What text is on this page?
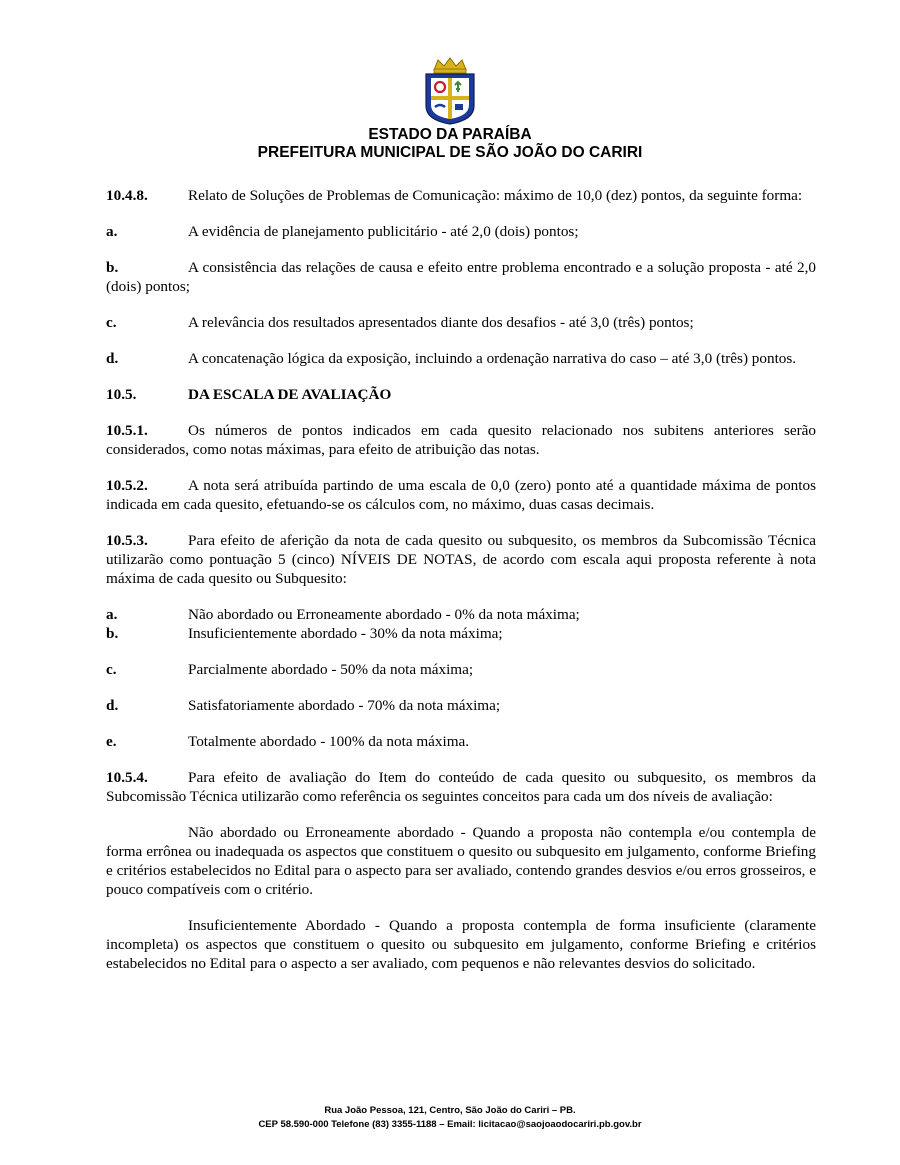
ESTADO DA PARAÍBA
PREFEITURA MUNICIPAL DE SÃO JOÃO DO CARIRI
10.4.8.	Relato de Soluções de Problemas de Comunicação: máximo de 10,0 (dez) pontos, da seguinte forma:
a.	A evidência de planejamento publicitário - até 2,0 (dois) pontos;
b.	A consistência das relações de causa e efeito entre problema encontrado e a solução proposta - até 2,0 (dois) pontos;
c.	A relevância dos resultados apresentados diante dos desafios - até 3,0 (três) pontos;
d.	A concatenação lógica da exposição, incluindo a ordenação narrativa do caso – até 3,0 (três) pontos.
10.5.	DA ESCALA DE AVALIAÇÃO
10.5.1.	Os números de pontos indicados em cada quesito relacionado nos subitens anteriores serão considerados, como notas máximas, para efeito de atribuição das notas.
10.5.2.	A nota será atribuída partindo de uma escala de 0,0 (zero) ponto até a quantidade máxima de pontos indicada em cada quesito, efetuando-se os cálculos com, no máximo, duas casas decimais.
10.5.3.	Para efeito de aferição da nota de cada quesito ou subquesito, os membros da Subcomissão Técnica utilizarão como pontuação 5 (cinco) NÍVEIS DE NOTAS, de acordo com escala aqui proposta referente à nota máxima de cada quesito ou Subquesito:
a.	Não abordado ou Erroneamente abordado - 0% da nota máxima;
b.	Insuficientemente abordado - 30% da nota máxima;
c.	Parcialmente abordado - 50% da nota máxima;
d.	Satisfatoriamente abordado - 70% da nota máxima;
e.	Totalmente abordado - 100% da nota máxima.
10.5.4.	Para efeito de avaliação do Item do conteúdo de cada quesito ou subquesito, os membros da Subcomissão Técnica utilizarão como referência os seguintes conceitos para cada um dos níveis de avaliação:
Não abordado ou Erroneamente abordado - Quando a proposta não contempla e/ou contempla de forma errônea ou inadequada os aspectos que constituem o quesito ou subquesito em julgamento, conforme Briefing e critérios estabelecidos no Edital para o aspecto para ser avaliado, contendo grandes desvios e/ou erros grosseiros, e pouco compatíveis com o critério.
Insuficientemente Abordado - Quando a proposta contempla de forma insuficiente (claramente incompleta) os aspectos que constituem o quesito ou subquesito em julgamento, conforme Briefing e critérios estabelecidos no Edital para o aspecto a ser avaliado, com pequenos e não relevantes desvios do solicitado.
Rua João Pessoa, 121, Centro, São João do Cariri – PB.
CEP 58.590-000 Telefone (83) 3355-1188 – Email: licitacao@saojoaodocariri.pb.gov.br
